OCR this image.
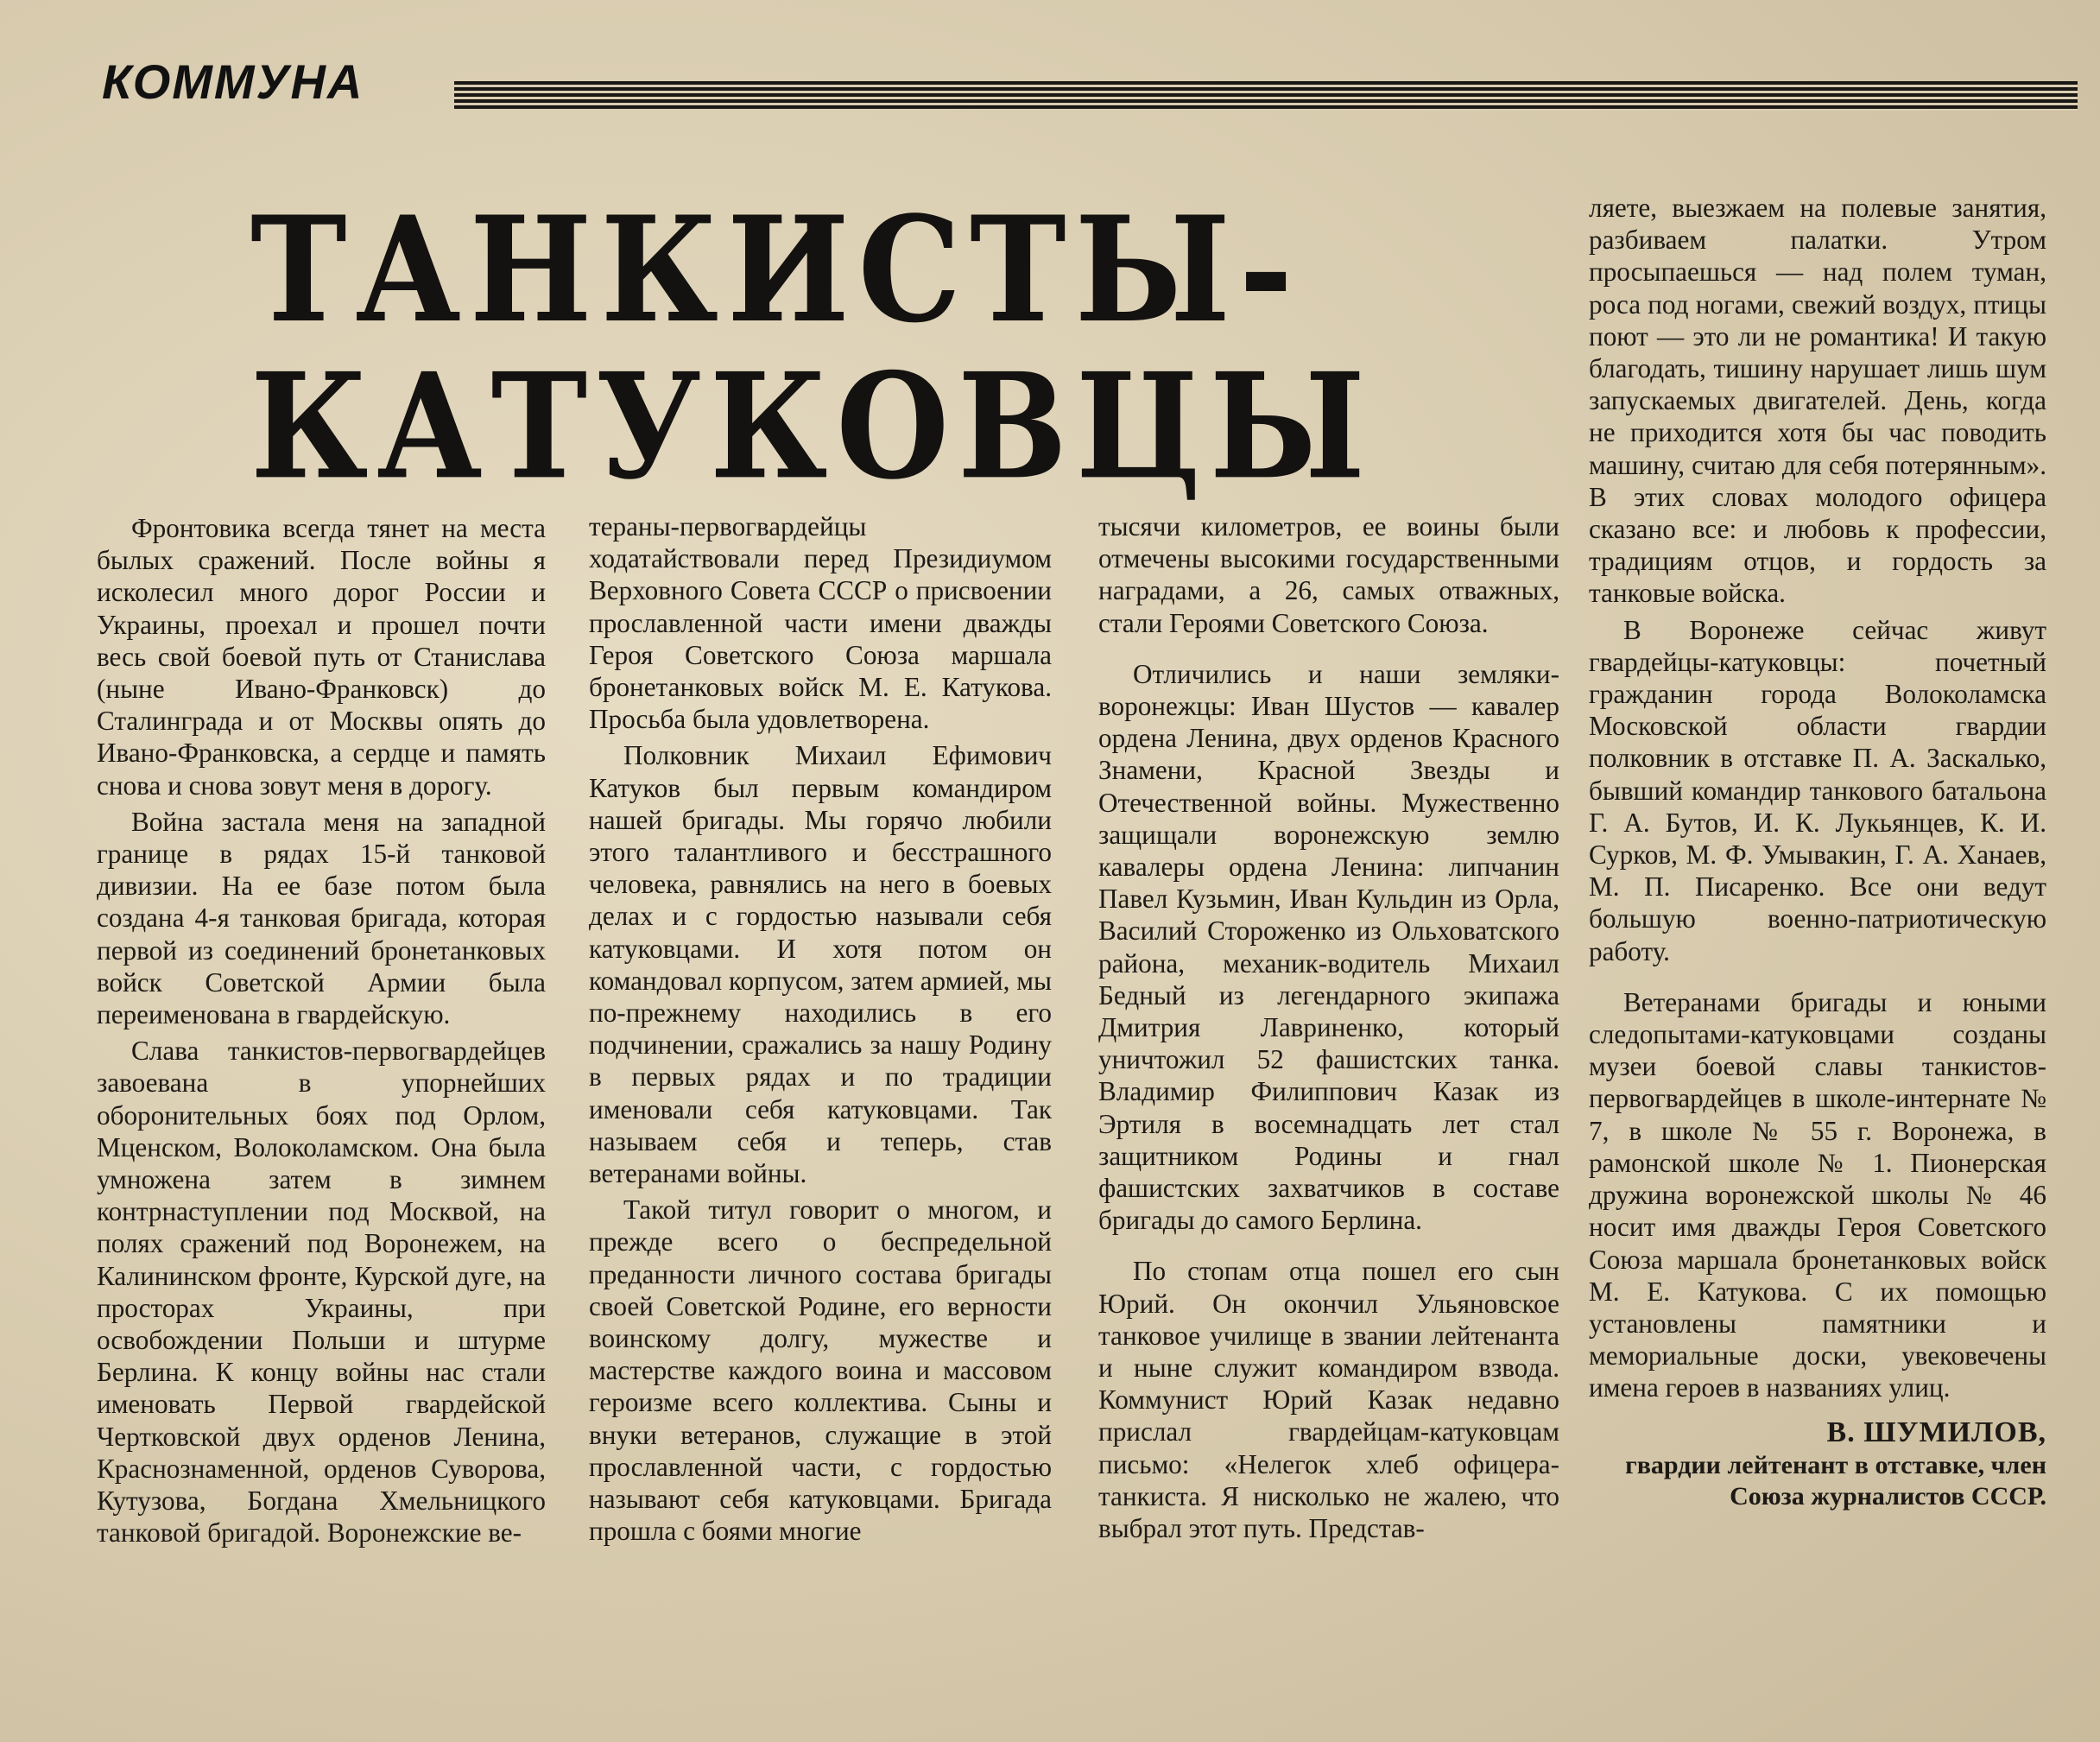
КОММУНА
ТАНКИСТЫ-
КАТУКОВЦЫ

Фронтовика всегда тянет на места былых сражений. После войны я исколесил много дорог России и Украины, проехал и прошел почти весь свой боевой путь от Станислава (ныне Ивано-Франковск) до Сталинграда и от Москвы опять до Ивано-Франковска, а сердце и память снова и снова зовут меня в дорогу.

Война застала меня на западной границе в рядах 15-й танковой дивизии. На ее базе потом была создана 4-я танковая бригада, которая первой из соединений бронетанковых войск Советской Армии была переименована в гвардейскую.

Слава танкистов-первогвардейцев завоевана в упорнейших оборонительных боях под Орлом, Мценском, Волоколамском. Она была умножена затем в зимнем контрнаступлении под Москвой, на полях сражений под Воронежем, на Калининском фронте, Курской дуге, на просторах Украины, при освобождении Польши и штурме Берлина. К концу войны нас стали именовать Первой гвардейской Чертковской двух орденов Ленина, Краснознаменной, орденов Суворова, Кутузова, Богдана Хмельницкого танковой бригадой. Воронежские ве-

тераны-первогвардейцы ходатайствовали перед Президиумом Верховного Совета СССР о присвоении прославленной части имени дважды Героя Советского Союза маршала бронетанковых войск М. Е. Катукова. Просьба была удовлетворена.

Полковник Михаил Ефимович Катуков был первым командиром нашей бригады. Мы горячо любили этого талантливого и бесстрашного человека, равнялись на него в боевых делах и с гордостью называли себя катуковцами. И хотя потом он командовал корпусом, затем армией, мы по-прежнему находились в его подчинении, сражались за нашу Родину в первых рядах и по традиции именовали себя катуковцами. Так называем себя и теперь, став ветеранами войны.

Такой титул говорит о многом, и прежде всего о беспредельной преданности личного состава бригады своей Советской Родине, его верности воинскому долгу, мужестве и мастерстве каждого воина и массовом героизме всего коллектива. Сыны и внуки ветеранов, служащие в этой прославленной части, с гордостью называют себя катуковцами. Бригада прошла с боями многие

тысячи километров, ее воины были отмечены высокими государственными наградами, а 26, самых отважных, стали Героями Советского Союза.

Отличились и наши земляки-воронежцы: Иван Шустов — кавалер ордена Ленина, двух орденов Красного Знамени, Красной Звезды и Отечественной войны. Мужественно защищали воронежскую землю кавалеры ордена Ленина: липчанин Павел Кузьмин, Иван Кульдин из Орла, Василий Стороженко из Ольховатского района, механик-водитель Михаил Бедный из легендарного экипажа Дмитрия Лавриненко, который уничтожил 52 фашистских танка. Владимир Филиппович Казак из Эртиля в восемнадцать лет стал защитником Родины и гнал фашистских захватчиков в составе бригады до самого Берлина.

По стопам отца пошел его сын Юрий. Он окончил Ульяновское танковое училище в звании лейтенанта и ныне служит командиром взвода. Коммунист Юрий Казак недавно прислал гвардейцам-катуковцам письмо: «Нелегок хлеб офицера-танкиста. Я нисколько не жалею, что выбрал этот путь. Представ-

ляете, выезжаем на полевые занятия, разбиваем палатки. Утром просыпаешься — над полем туман, роса под ногами, свежий воздух, птицы поют — это ли не романтика! И такую благодать, тишину нарушает лишь шум запускаемых двигателей. День, когда не приходится хотя бы час поводить машину, считаю для себя потерянным». В этих словах молодого офицера сказано все: и любовь к профессии, традициям отцов, и гордость за танковые войска.

В Воронеже сейчас живут гвардейцы-катуковцы: почетный гражданин города Волоколамска Московской области гвардии полковник в отставке П. А. Заскалько, бывший командир танкового батальона Г. А. Бутов, И. К. Лукьянцев, К. И. Сурков, М. Ф. Умывакин, Г. А. Ханаев, М. П. Писаренко. Все они ведут большую военно-патриотическую работу.

Ветеранами бригады и юными следопытами-катуковцами созданы музеи боевой славы танкистов-первогвардейцев в школе-интернате № 7, в школе № 55 г. Воронежа, в рамонской школе № 1. Пионерская дружина воронежской школы № 46 носит имя дважды Героя Советского Союза маршала бронетанковых войск М. Е. Катукова. С их помощью установлены памятники и мемориальные доски, увековечены имена героев в названиях улиц.

В. ШУМИЛОВ,
гвардии лейтенант в отставке, член Союза журналистов СССР.
